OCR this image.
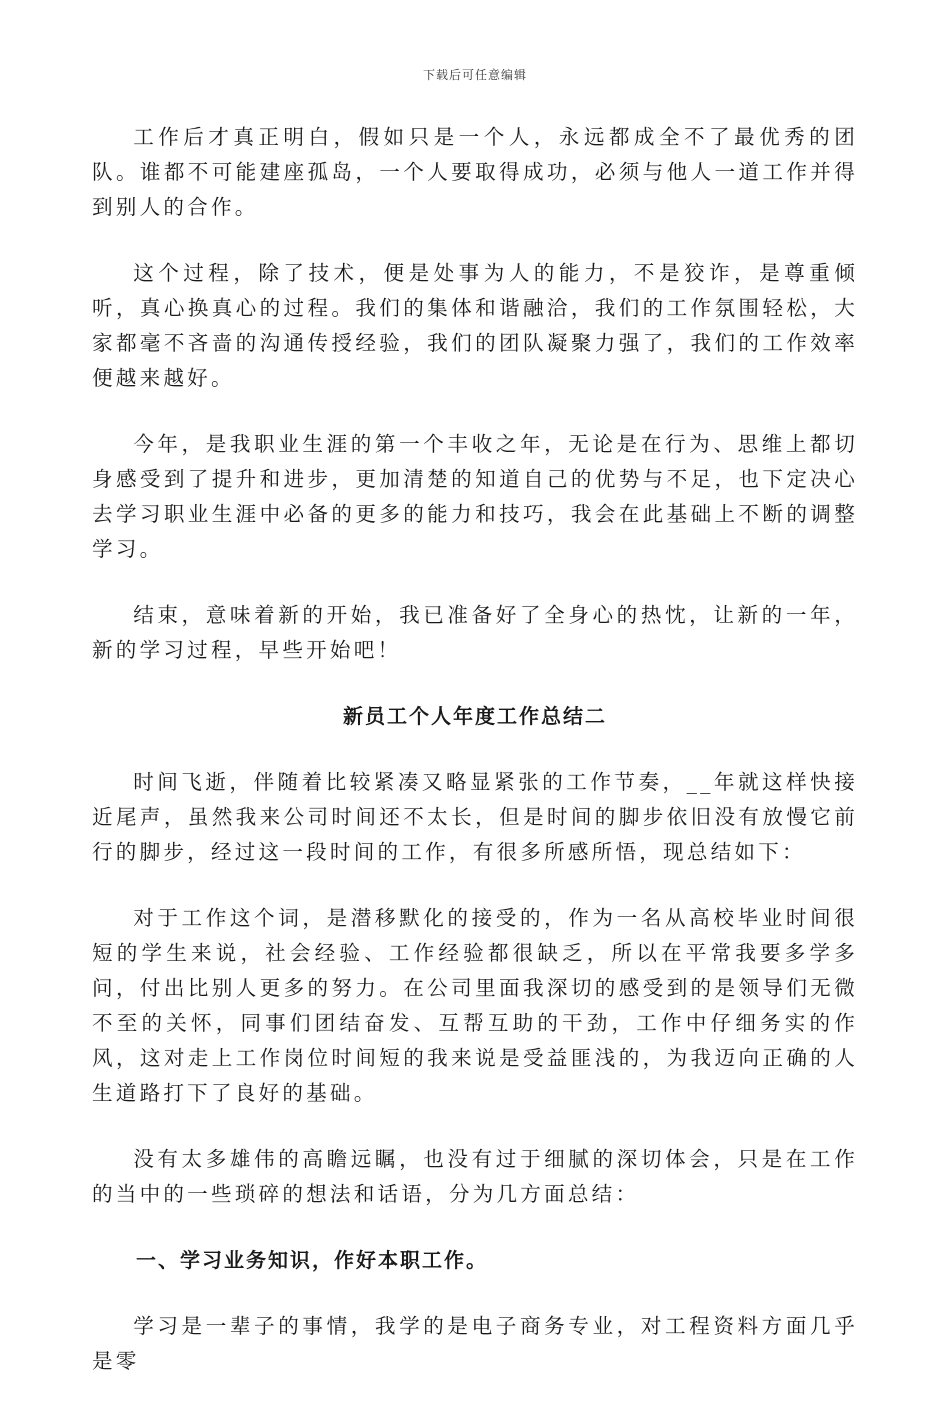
下载后可任意编辑

工作后才真正明白，假如只是一个人，永远都成全不了最优秀的团队。谁都不可能建座孤岛，一个人要取得成功，必须与他人一道工作并得到别人的合作。

这个过程，除了技术，便是处事为人的能力，不是狡诈，是尊重倾听，真心换真心的过程。我们的集体和谐融洽，我们的工作氛围轻松，大家都毫不吝啬的沟通传授经验，我们的团队凝聚力强了，我们的工作效率便越来越好。

今年，是我职业生涯的第一个丰收之年，无论是在行为、思维上都切身感受到了提升和进步，更加清楚的知道自己的优势与不足，也下定决心去学习职业生涯中必备的更多的能力和技巧，我会在此基础上不断的调整学习。

结束，意味着新的开始，我已准备好了全身心的热忱，让新的一年，新的学习过程，早些开始吧！

新员工个人年度工作总结二

时间飞逝，伴随着比较紧凑又略显紧张的工作节奏，__年就这样快接近尾声，虽然我来公司时间还不太长，但是时间的脚步依旧没有放慢它前行的脚步，经过这一段时间的工作，有很多所感所悟，现总结如下：

对于工作这个词，是潜移默化的接受的，作为一名从高校毕业时间很短的学生来说，社会经验、工作经验都很缺乏，所以在平常我要多学多问，付出比别人更多的努力。在公司里面我深切的感受到的是领导们无微不至的关怀，同事们团结奋发、互帮互助的干劲，工作中仔细务实的作风，这对走上工作岗位时间短的我来说是受益匪浅的，为我迈向正确的人生道路打下了良好的基础。

没有太多雄伟的高瞻远瞩，也没有过于细腻的深切体会，只是在工作的当中的一些琐碎的想法和话语，分为几方面总结：

一、学习业务知识，作好本职工作。

学习是一辈子的事情，我学的是电子商务专业，对工程资料方面几乎是零
